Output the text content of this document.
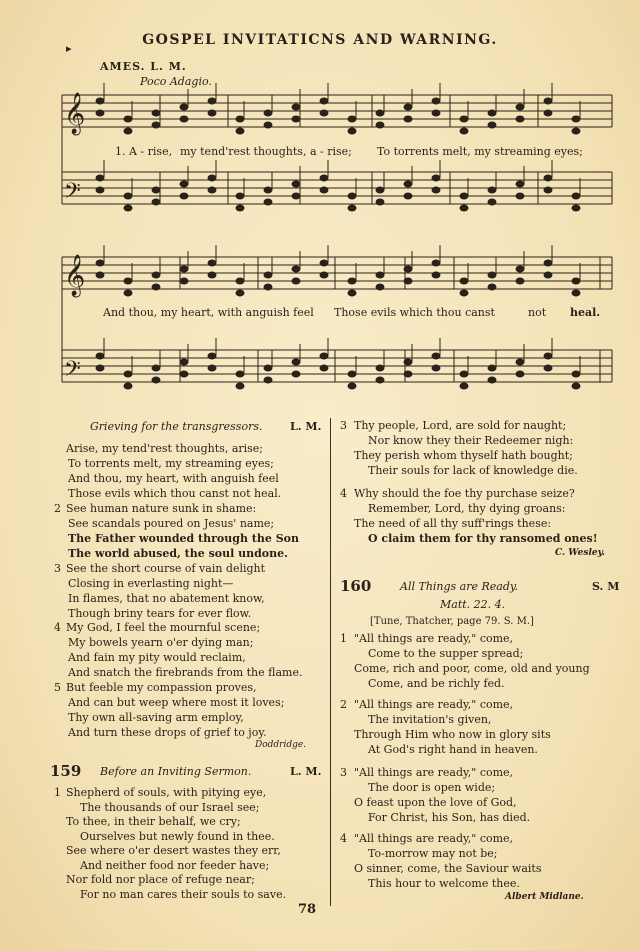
GOSPEL INVITATICNS AND WARNING.
▸
AMES. L. M.
Poco Adagio.
𝄞
𝄢
𝄞
𝄢
1. A - rise, my tend'rest thoughts, a - rise; To torrents melt, my streaming eyes;
And thou, my heart, with anguish feel Those evils which thou canst	not heal.
Grieving for the transgressors.	L. M.
Arise, my tend'rest thoughts, arise;
To torrents melt, my streaming eyes;
And thou, my heart, with anguish feel
Those evils which thou canst not heal.
2 See human nature sunk in shame:
See scandals poured on Jesus' name;
The Father wounded through the Son
The world abused, the soul undone.
3 See the short course of vain delight
Closing in everlasting night—
In flames, that no abatement know,
Though briny tears for ever flow.
4 My God, I feel the mournful scene;
My bowels yearn o'er dying man;
And fain my pity would reclaim,
And snatch the firebrands from the flame.
5 But feeble my compassion proves,
And can but weep where most it loves;
Thy own all-saving arm employ,
And turn these drops of grief to joy.
Doddridge.
159 Before an Inviting Sermon.	L. M.
Shepherd of souls, with pitying eye,
The thousands of our Israel see;
To thee, in their behalf, we cry;
Ourselves but newly found in thee.
See where o'er desert wastes they err,
And neither food nor feeder have;
Nor fold nor place of refuge near;
For no man cares their souls to save.
1
3 Thy people, Lord, are sold for naught;
Nor know they their Redeemer nigh:
They perish whom thyself hath bought;
Their souls for lack of knowledge die.
4 Why should the foe thy purchase seize?
Remember, Lord, thy dying groans:
The need of all thy suff'rings these:
O claim them for thy ransomed ones!
C. Wesley.
160	All Things are Ready.	S. M
Matt. 22. 4.
[Tune, Thatcher, page 79. S. M.]
1 "All things are ready," come,
Come to the supper spread;
Come, rich and poor, come, old and young
Come, and be richly fed.
2 "All things are ready," come,
The invitation's given,
Through Him who now in glory sits
At God's right hand in heaven.
3 "All things are ready," come,
The door is open wide;
O feast upon the love of God,
For Christ, his Son, has died.
4 "All things are ready," come,
To-morrow may not be;
O sinner, come, the Saviour waits
This hour to welcome thee.
Albert Midlane.
78
